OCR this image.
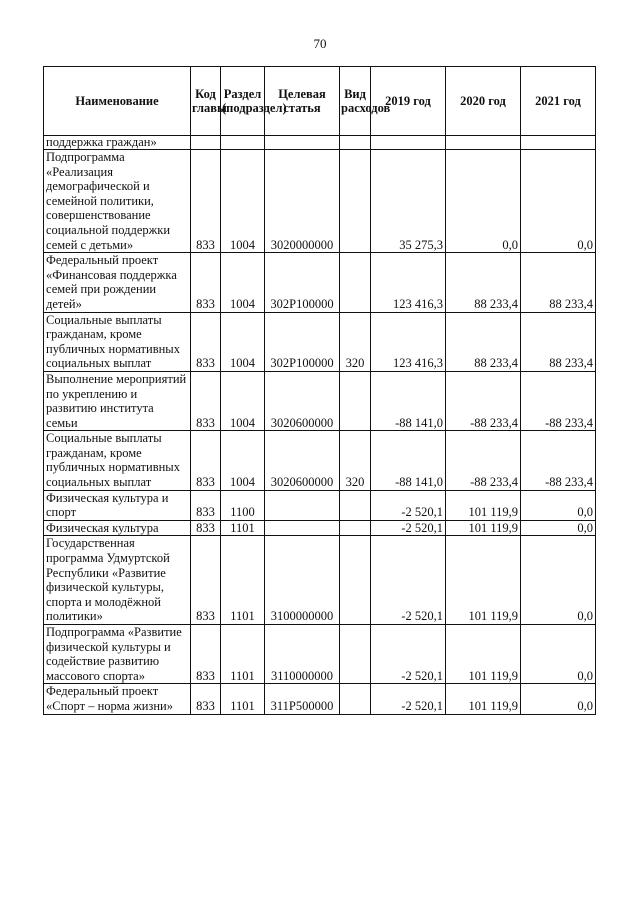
70
Наименование	Код главы	Раздел (подраздел)	Целевая статья	Вид расходов	2019 год	2020 год	2021 год
поддержка граждан»							
Подпрограмма «Реализация демографической и семейной политики, совершенствование социальной поддержки семей с детьми»	833	1004	3020000000		35 275,3	0,0	0,0
Федеральный проект «Финансовая поддержка семей при рождении детей»	833	1004	302P100000		123 416,3	88 233,4	88 233,4
Социальные выплаты гражданам, кроме публичных нормативных социальных выплат	833	1004	302P100000	320	123 416,3	88 233,4	88 233,4
Выполнение мероприятий по укреплению и развитию института семьи	833	1004	3020600000		-88 141,0	-88 233,4	-88 233,4
Социальные выплаты гражданам, кроме публичных нормативных социальных выплат	833	1004	3020600000	320	-88 141,0	-88 233,4	-88 233,4
Физическая культура и спорт	833	1100			-2 520,1	101 119,9	0,0
Физическая культура	833	1101			-2 520,1	101 119,9	0,0
Государственная программа Удмуртской Республики «Развитие физической культуры, спорта и молодёжной политики»	833	1101	3100000000		-2 520,1	101 119,9	0,0
Подпрограмма «Развитие физической культуры и содействие развитию массового спорта»	833	1101	3110000000		-2 520,1	101 119,9	0,0
Федеральный проект «Спорт – норма жизни»	833	1101	311P500000		-2 520,1	101 119,9	0,0
